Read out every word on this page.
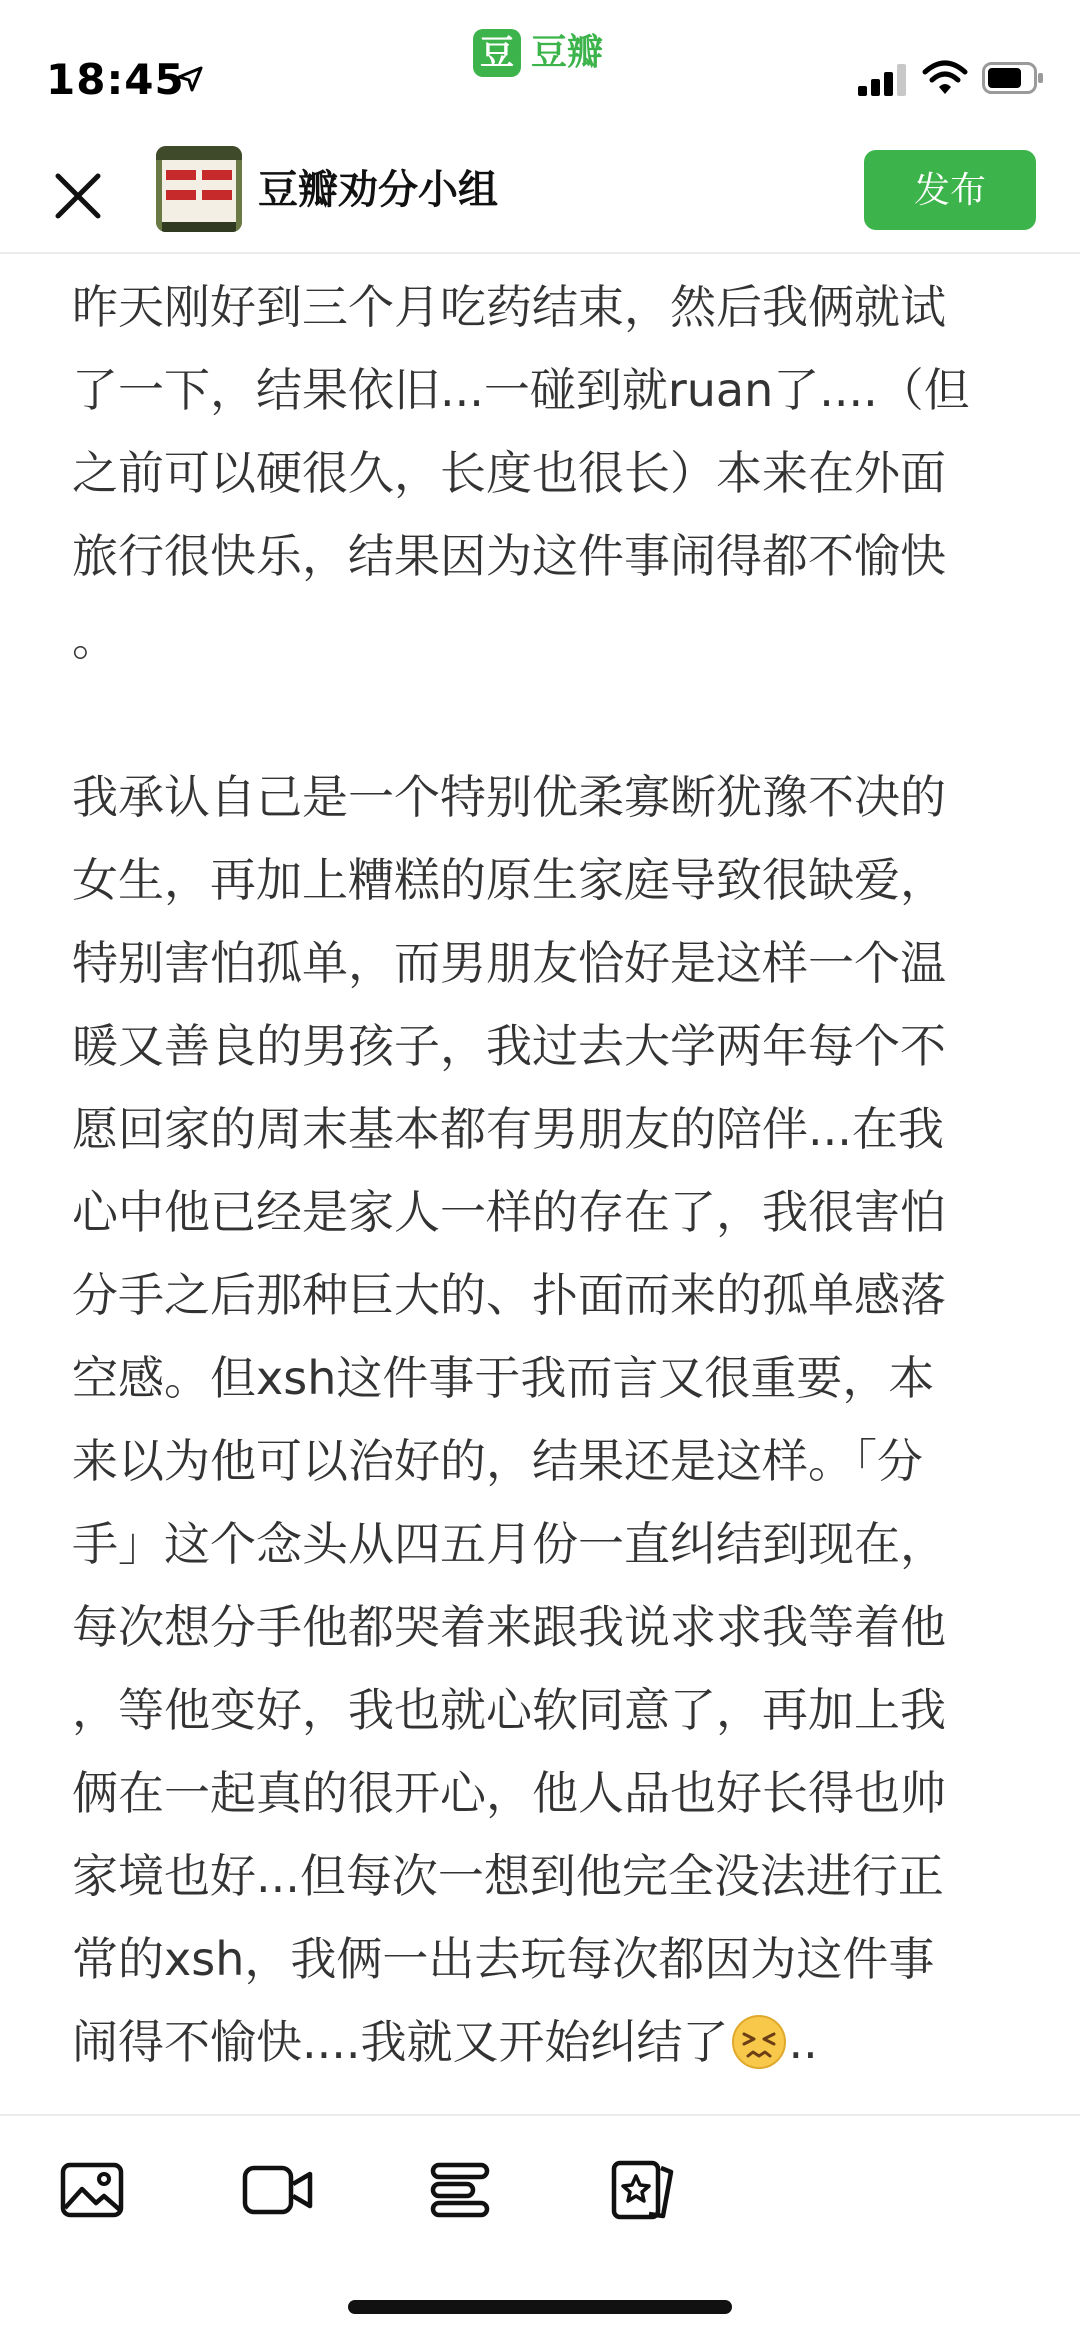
18:45
豆 豆瓣
豆瓣劝分小组	发布
昨天刚好到三个月吃药结束，然后我俩就试
了一下，结果依旧...一碰到就ruan了....（但
之前可以硬很久，长度也很长）本来在外面
旅行很快乐，结果因为这件事闹得都不愉快
。
我承认自己是一个特别优柔寡断犹豫不决的
女生，再加上糟糕的原生家庭导致很缺爱，
特别害怕孤单，而男朋友恰好是这样一个温
暖又善良的男孩子，我过去大学两年每个不
愿回家的周末基本都有男朋友的陪伴...在我
心中他已经是家人一样的存在了，我很害怕
分手之后那种巨大的、扑面而来的孤单感落
空感。但xsh这件事于我而言又很重要，本
来以为他可以治好的，结果还是这样。「分
手」这个念头从四五月份一直纠结到现在，
每次想分手他都哭着来跟我说求求我等着他
，等他变好，我也就心软同意了，再加上我
俩在一起真的很开心，他人品也好长得也帅
家境也好...但每次一想到他完全没法进行正
常的xsh，我俩一出去玩每次都因为这件事
闹得不愉快....我就又开始纠结了 ..
